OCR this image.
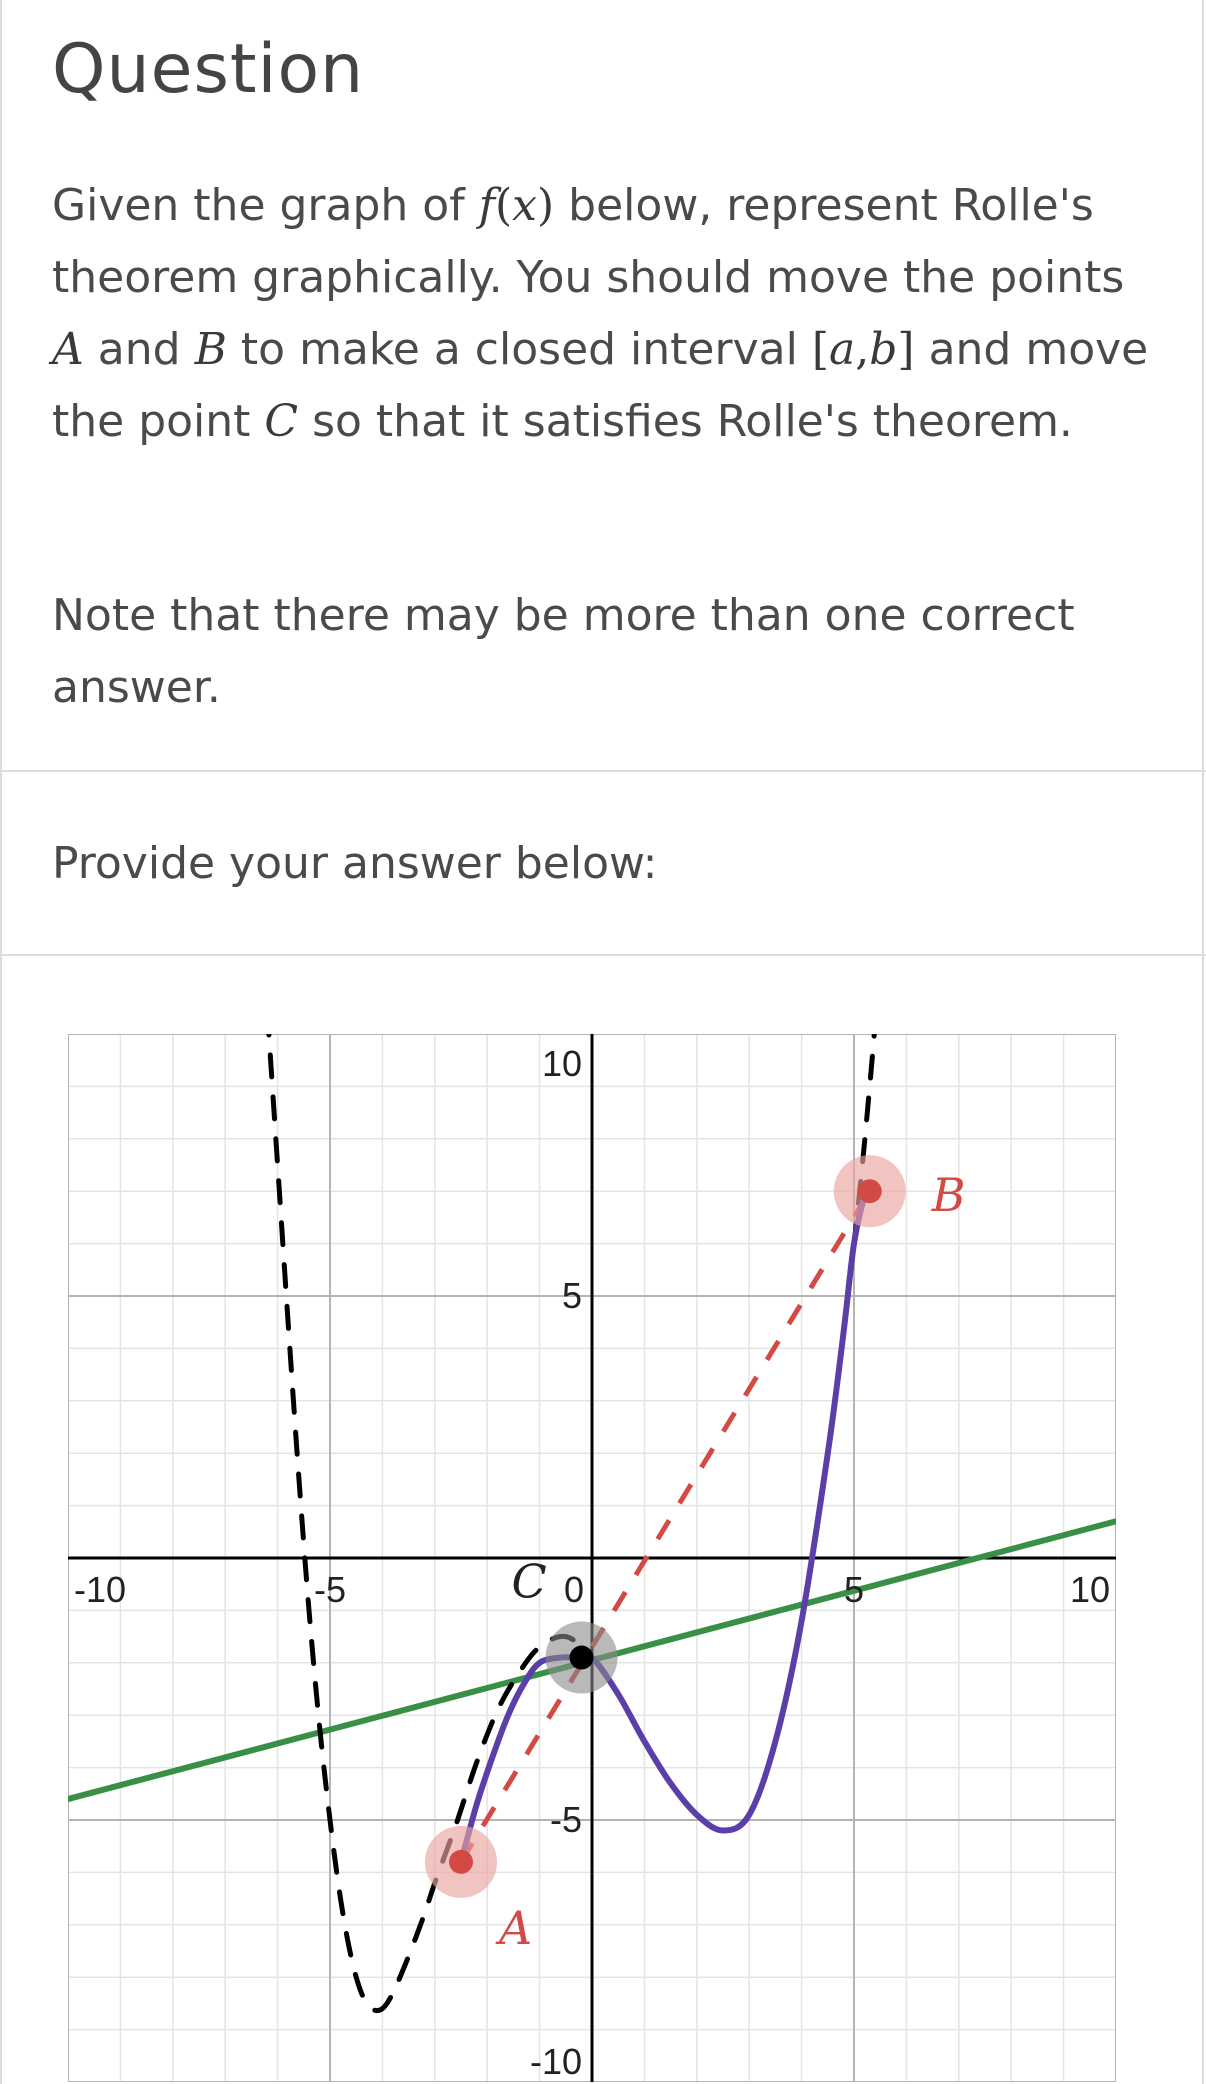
Question

Given the graph of f(x) below, represent Rolle's theorem graphically. You should move the points A and B to make a closed interval [a,b] and move the point C so that it satisfies Rolle's theorem.

Note that there may be more than one correct answer.

Provide your answer below:

-10	-5	0	5	10
10
5
-5
-10
A
B
C
